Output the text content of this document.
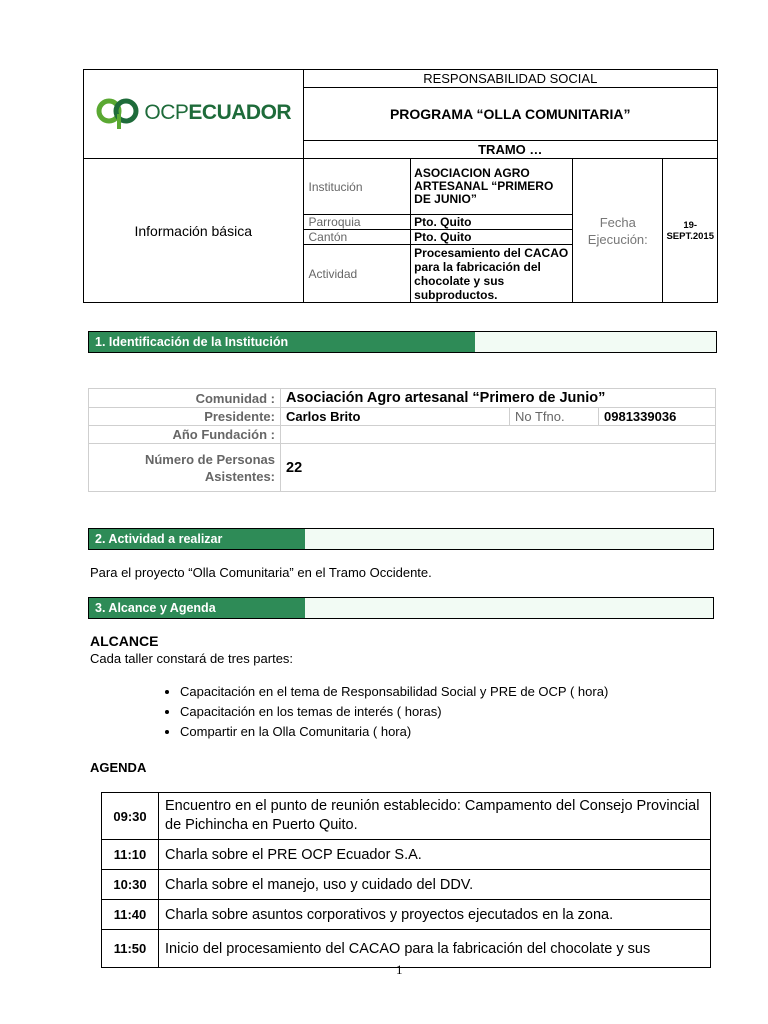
OCPECUADOR	RESPONSABILIDAD SOCIAL			
	PROGRAMA “OLLA COMUNITARIA”			
	TRAMO …			
Información básica	Institución	ASOCIACION AGRO ARTESANAL “PRIMERO DE JUNIO”	Fecha Ejecución:	19-SEPT.2015
	Parroquia	Pto. Quito		
	Cantón	Pto. Quito		
	Actividad	Procesamiento del CACAO para la fabricación del chocolate y sus subproductos.		
1. Identificación de la Institución
Comunidad :	Asociación Agro artesanal “Primero de Junio”		
Presidente:	Carlos Brito	No Tfno.	0981339036
Año Fundación :			
Número de Personas Asistentes:	22		
2. Actividad a realizar
Para el proyecto “Olla Comunitaria” en el Tramo Occidente.
3. Alcance y Agenda
ALCANCE
Cada taller constará de tres partes:
• Capacitación en el tema de Responsabilidad Social y PRE de OCP ( hora)
• Capacitación en los temas de interés ( horas)
• Compartir en la Olla Comunitaria ( hora)
AGENDA
09:30	Encuentro en el punto de reunión establecido: Campamento del Consejo Provincial de Pichincha en Puerto Quito.
11:10	Charla sobre el PRE OCP Ecuador S.A.
10:30	Charla sobre el manejo, uso y cuidado del DDV.
11:40	Charla sobre asuntos corporativos y proyectos ejecutados en la zona.
11:50	Inicio del procesamiento del CACAO para la fabricación del chocolate y sus
1
